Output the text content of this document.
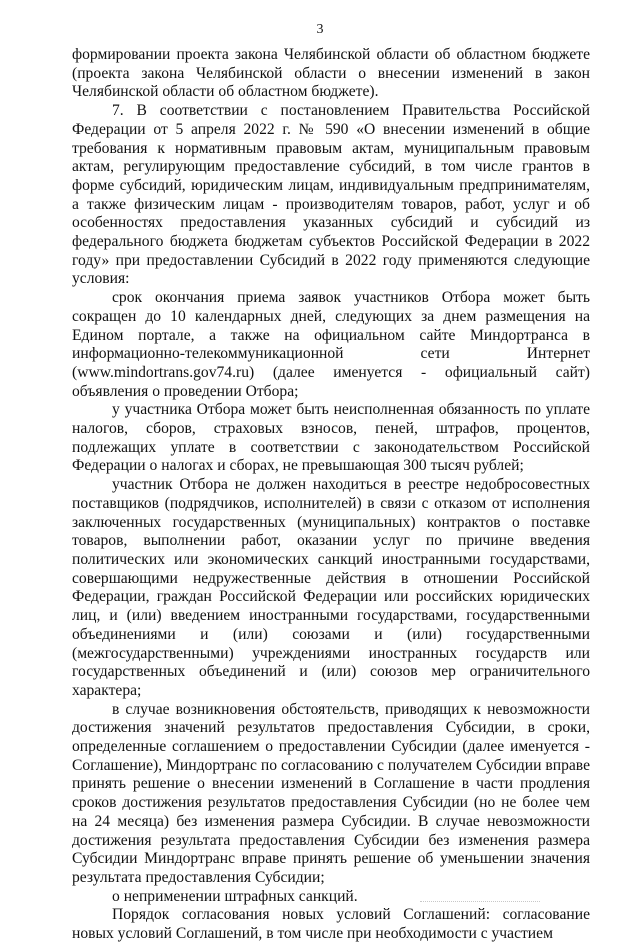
3

формировании проекта закона Челябинской области об областном бюджете (проекта закона Челябинской области о внесении изменений в закон Челябинской области об областном бюджете).

7. В соответствии с постановлением Правительства Российской Федерации от 5 апреля 2022 г. № 590 «О внесении изменений в общие требования к нормативным правовым актам, муниципальным правовым актам, регулирующим предоставление субсидий, в том числе грантов в форме субсидий, юридическим лицам, индивидуальным предпринимателям, а также физическим лицам - производителям товаров, работ, услуг и об особенностях предоставления указанных субсидий и субсидий из федерального бюджета бюджетам субъектов Российской Федерации в 2022 году» при предоставлении Субсидий в 2022 году применяются следующие условия:

срок окончания приема заявок участников Отбора может быть сокращен до 10 календарных дней, следующих за днем размещения на Едином портале, а также на официальном сайте Миндортранса в информационно-телекоммуникационной сети Интернет (www.mindortrans.gov74.ru) (далее именуется - официальный сайт) объявления о проведении Отбора;

у участника Отбора может быть неисполненная обязанность по уплате налогов, сборов, страховых взносов, пеней, штрафов, процентов, подлежащих уплате в соответствии с законодательством Российской Федерации о налогах и сборах, не превышающая 300 тысяч рублей;

участник Отбора не должен находиться в реестре недобросовестных поставщиков (подрядчиков, исполнителей) в связи с отказом от исполнения заключенных государственных (муниципальных) контрактов о поставке товаров, выполнении работ, оказании услуг по причине введения политических или экономических санкций иностранными государствами, совершающими недружественные действия в отношении Российской Федерации, граждан Российской Федерации или российских юридических лиц, и (или) введением иностранными государствами, государственными объединениями и (или) союзами и (или) государственными (межгосударственными) учреждениями иностранных государств или государственных объединений и (или) союзов мер ограничительного характера;

в случае возникновения обстоятельств, приводящих к невозможности достижения значений результатов предоставления Субсидии, в сроки, определенные соглашением о предоставлении Субсидии (далее именуется - Соглашение), Миндортранс по согласованию с получателем Субсидии вправе принять решение о внесении изменений в Соглашение в части продления сроков достижения результатов предоставления Субсидии (но не более чем на 24 месяца) без изменения размера Субсидии. В случае невозможности достижения результата предоставления Субсидии без изменения размера Субсидии Миндортранс вправе принять решение об уменьшении значения результата предоставления Субсидии;

о неприменении штрафных санкций.

Порядок согласования новых условий Соглашений: согласование новых условий Соглашений, в том числе при необходимости с участием
